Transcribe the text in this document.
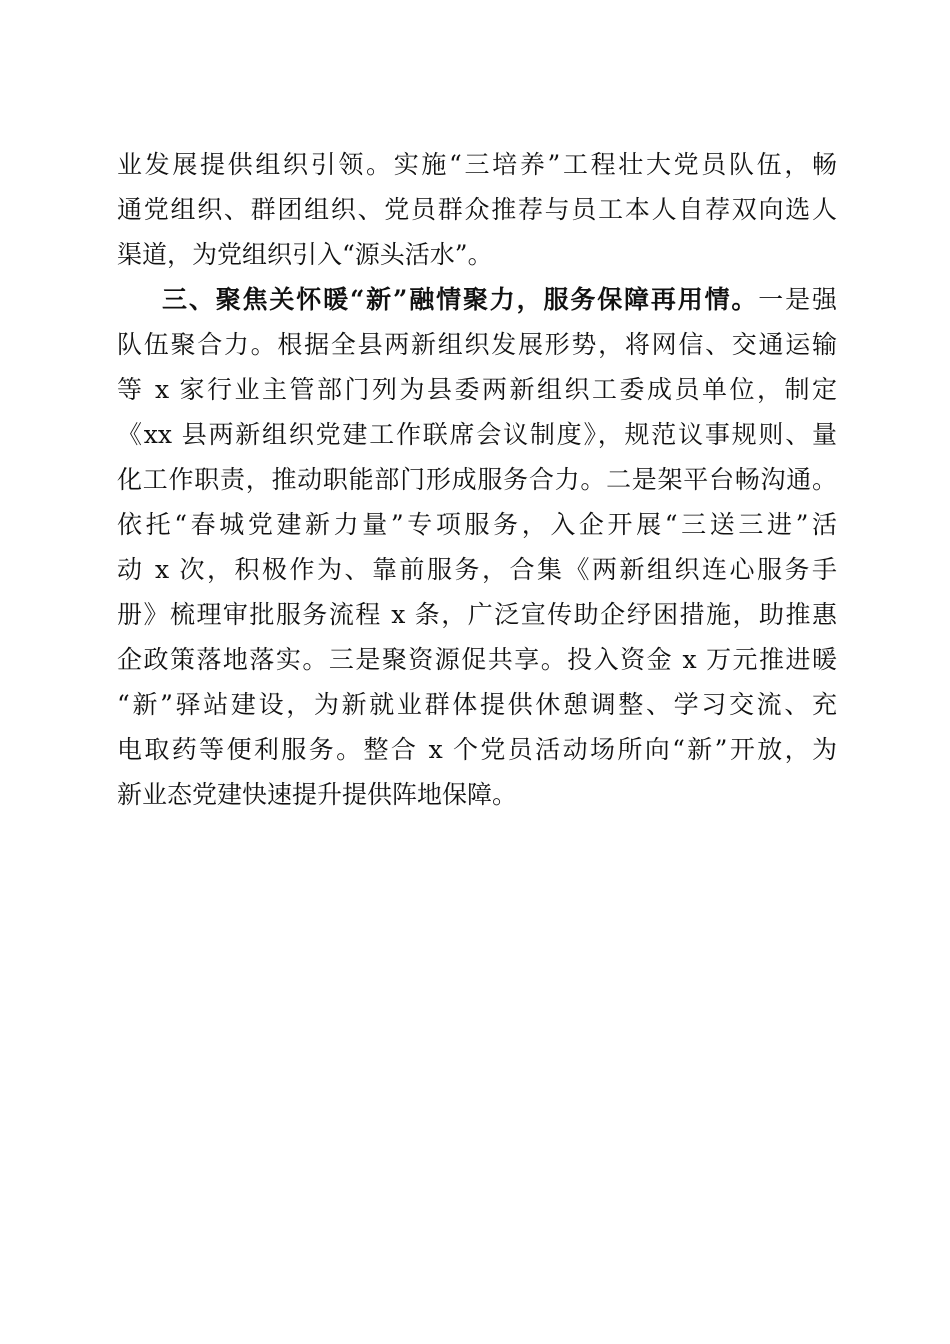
业发展提供组织引领。实施“三培养”工程壮大党员队伍，畅
通党组织、群团组织、党员群众推荐与员工本人自荐双向选人
渠道，为党组织引入“源头活水”。
三、聚焦关怀暖“新”融情聚力，服务保障再用情。一是强
队伍聚合力。根据全县两新组织发展形势，将网信、交通运输
等 x 家行业主管部门列为县委两新组织工委成员单位，制定
《xx 县两新组织党建工作联席会议制度》，规范议事规则、量
化工作职责，推动职能部门形成服务合力。二是架平台畅沟通。
依托“春城党建新力量”专项服务，入企开展“三送三进”活
动 x 次，积极作为、靠前服务，合集《两新组织连心服务手
册》梳理审批服务流程 x 条，广泛宣传助企纾困措施，助推惠
企政策落地落实。三是聚资源促共享。投入资金 x 万元推进暖
“新”驿站建设，为新就业群体提供休憩调整、学习交流、充
电取药等便利服务。整合 x 个党员活动场所向“新”开放，为
新业态党建快速提升提供阵地保障。
